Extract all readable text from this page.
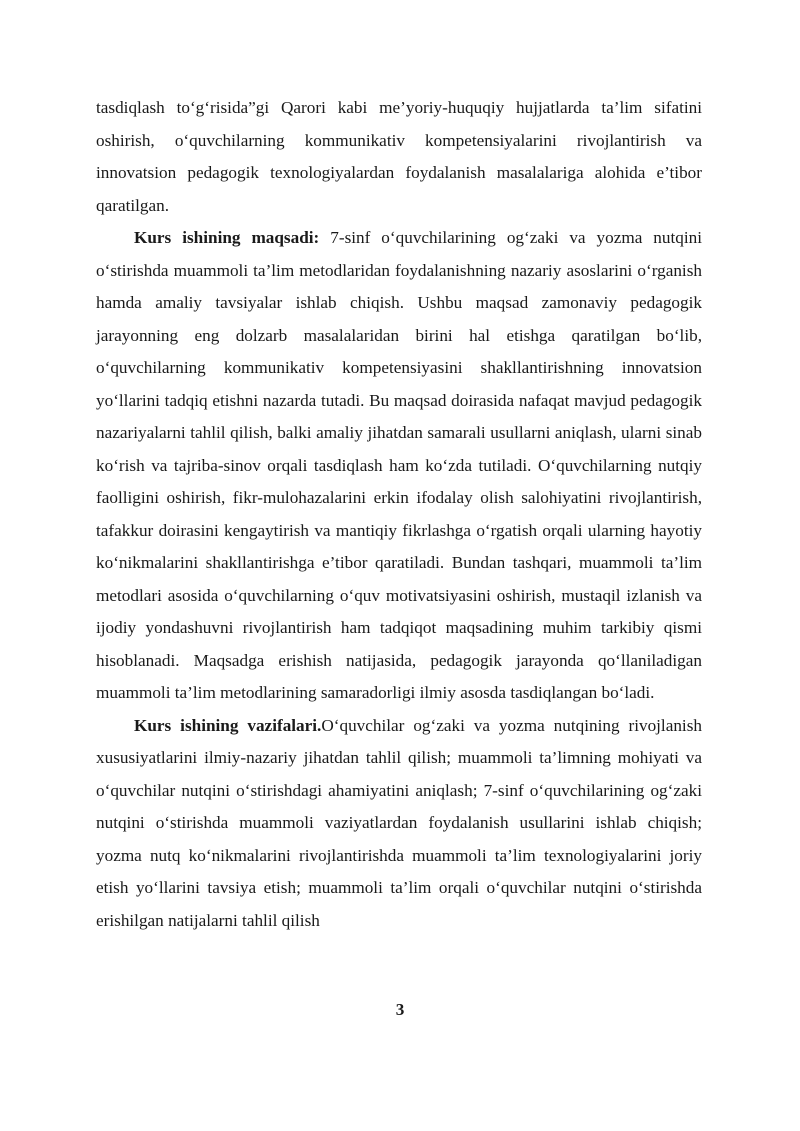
tasdiqlash to‘g‘risida”gi Qarori kabi me’yoriy-huquqiy hujjatlarda ta’lim sifatini oshirish, o‘quvchilarning kommunikativ kompetensiyalarini rivojlantirish va innovatsion pedagogik texnologiyalardan foydalanish masalalariga alohida e’tibor qaratilgan.

Kurs ishining maqsadi: 7-sinf o‘quvchilarining og‘zaki va yozma nutqini o‘stirishda muammoli ta’lim metodlaridan foydalanishning nazariy asoslarini o‘rganish hamda amaliy tavsiyalar ishlab chiqish. Ushbu maqsad zamonaviy pedagogik jarayonning eng dolzarb masalalaridan birini hal etishga qaratilgan bo‘lib, o‘quvchilarning kommunikativ kompetensiyasini shakllantirishning innovatsion yo‘llarini tadqiq etishni nazarda tutadi. Bu maqsad doirasida nafaqat mavjud pedagogik nazariyalarni tahlil qilish, balki amaliy jihatdan samarali usullarni aniqlash, ularni sinab ko‘rish va tajriba-sinov orqali tasdiqlash ham ko‘zda tutiladi. O‘quvchilarning nutqiy faolligini oshirish, fikr-mulohazalarini erkin ifodalay olish salohiyatini rivojlantirish, tafakkur doirasini kengaytirish va mantiqiy fikrlashga o‘rgatish orqali ularning hayotiy ko‘nikmalarini shakllantirishga e’tibor qaratiladi. Bundan tashqari, muammoli ta’lim metodlari asosida o‘quvchilarning o‘quv motivatsiyasini oshirish, mustaqil izlanish va ijodiy yondashuvni rivojlantirish ham tadqiqot maqsadining muhim tarkibiy qismi hisoblanadi. Maqsadga erishish natijasida, pedagogik jarayonda qo‘llaniladigan muammoli ta’lim metodlarining samaradorligi ilmiy asosda tasdiqlangan bo‘ladi.

Kurs ishining vazifalari.O‘quvchilar og‘zaki va yozma nutqining rivojlanish xususiyatlarini ilmiy-nazariy jihatdan tahlil qilish; muammoli ta’limning mohiyati va o‘quvchilar nutqini o‘stirishdagi ahamiyatini aniqlash; 7-sinf o‘quvchilarining og‘zaki nutqini o‘stirishda muammoli vaziyatlardan foydalanish usullarini ishlab chiqish; yozma nutq ko‘nikmalarini rivojlantirishda muammoli ta’lim texnologiyalarini joriy etish yo‘llarini tavsiya etish; muammoli ta’lim orqali o‘quvchilar nutqini o‘stirishda erishilgan natijalarni tahlil qilish

3
